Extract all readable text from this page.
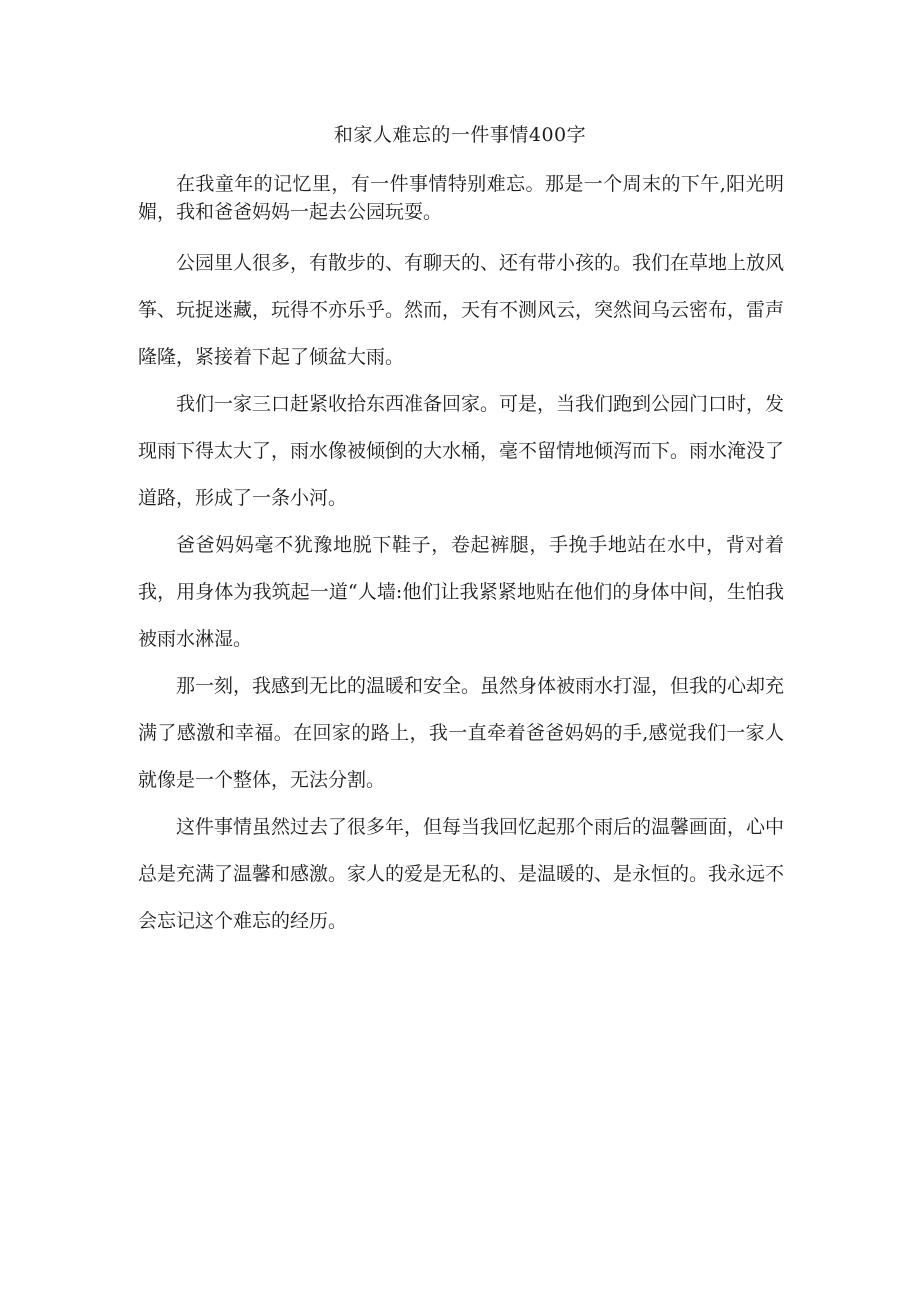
和家人难忘的一件事情400字

在我童年的记忆里，有一件事情特别难忘。那是一个周末的下午,阳光明媚，我和爸爸妈妈一起去公园玩耍。

公园里人很多，有散步的、有聊天的、还有带小孩的。我们在草地上放风筝、玩捉迷藏，玩得不亦乐乎。然而，天有不测风云，突然间乌云密布，雷声隆隆，紧接着下起了倾盆大雨。

我们一家三口赶紧收拾东西准备回家。可是，当我们跑到公园门口时，发现雨下得太大了，雨水像被倾倒的大水桶，毫不留情地倾泻而下。雨水淹没了道路，形成了一条小河。

爸爸妈妈毫不犹豫地脱下鞋子，卷起裤腿，手挽手地站在水中，背对着我，用身体为我筑起一道“人墙:他们让我紧紧地贴在他们的身体中间，生怕我被雨水淋湿。

那一刻，我感到无比的温暖和安全。虽然身体被雨水打湿，但我的心却充满了感激和幸福。在回家的路上，我一直牵着爸爸妈妈的手,感觉我们一家人就像是一个整体，无法分割。

这件事情虽然过去了很多年，但每当我回忆起那个雨后的温馨画面，心中总是充满了温馨和感激。家人的爱是无私的、是温暖的、是永恒的。我永远不会忘记这个难忘的经历。
